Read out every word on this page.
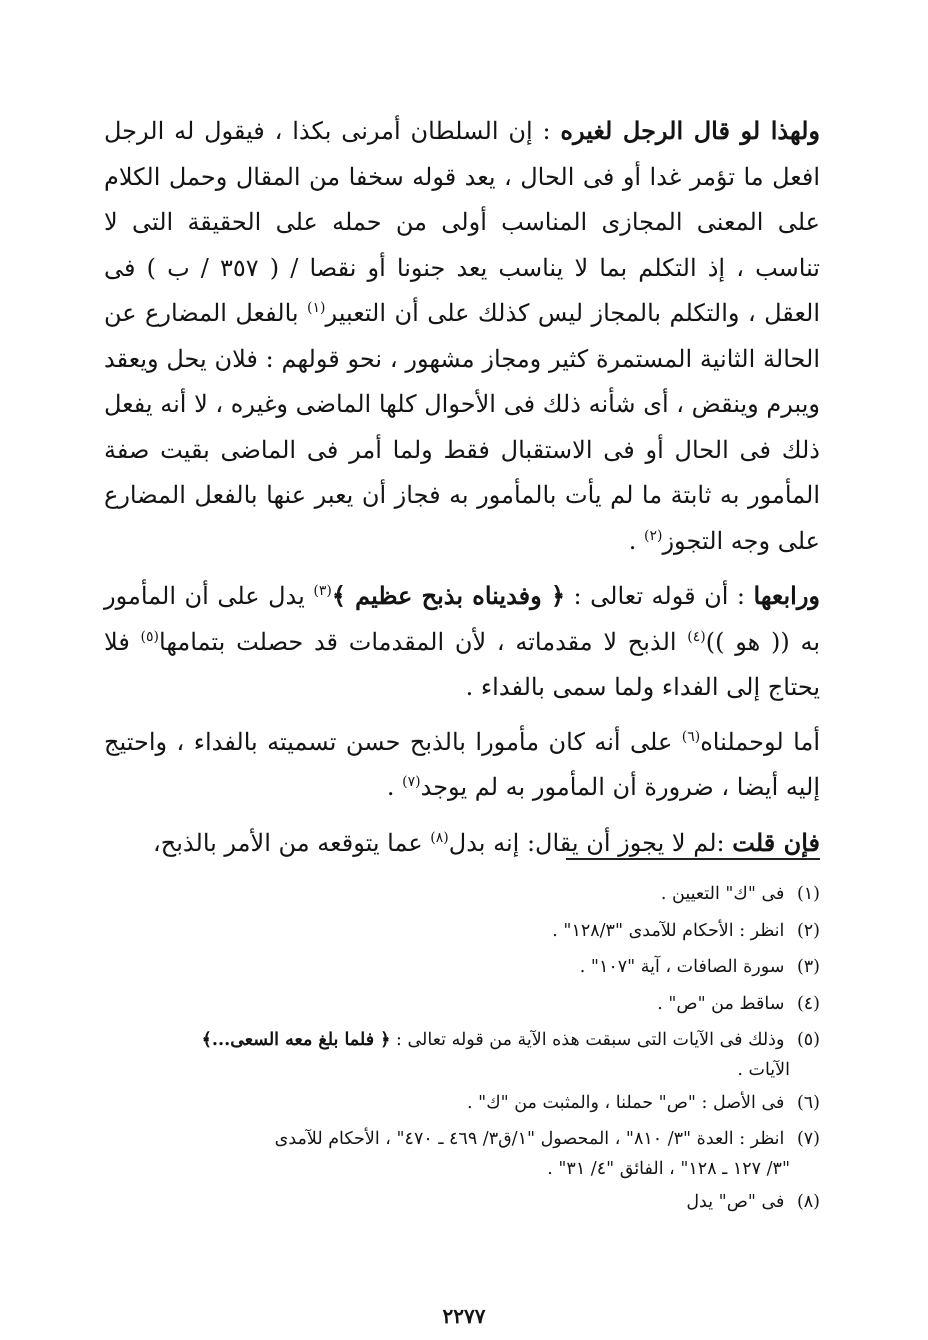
ولهذا لو قال الرجل لغيره : إن السلطان أمرنى بكذا ، فيقول له الرجل افعل ما تؤمر غدا أو فى الحال ، يعد قوله سخفا من المقال وحمل الكلام على المعنى المجازى المناسب أولى من حمله على الحقيقة التى لا تناسب ، إذ التكلم بما لا يناسب يعد جنونا أو نقصا / ( ٣٥٧ / ب ) فى العقل ، والتكلم بالمجاز ليس كذلك على أن التعبير$^{(١)}$ بالفعل المضارع عن الحالة الثانية المستمرة كثير ومجاز مشهور ، نحو قولهم : فلان يحل ويعقد ويبرم وينقض ، أى شأنه ذلك فى الأحوال كلها الماضى وغيره ، لا أنه يفعل ذلك فى الحال أو فى الاستقبال فقط ولما أمر فى الماضى بقيت صفة المأمور به ثابتة ما لم يأت بالمأمور به فجاز أن يعبر عنها بالفعل المضارع على وجه التجوز$^{(٢)}$ .

ورابعها : أن قوله تعالى : ﴿ وفديناه بذبح عظيم ﴾$^{(٣)}$ يدل على أن المأمور به (( هو ))$^{(٤)}$ الذبح لا مقدماته ، لأن المقدمات قد حصلت بتمامها$^{(٥)}$ فلا يحتاج إلى الفداء ولما سمى بالفداء .

أما لوحملناه$^{(٦)}$ على أنه كان مأمورا بالذبح حسن تسميته بالفداء ، واحتيج إليه أيضا ، ضرورة أن المأمور به لم يوجد$^{(٧)}$ .

فإن قلت :لم لا يجوز أن يقال: إنه بدل$^{(٨)}$ عما يتوقعه من الأمر بالذبح،

(١) فى "ك" التعيين .

(٢) انظر : الأحكام للآمدى "١٢٨/٣" .

(٣) سورة الصافات ، آية "١٠٧" .

(٤) ساقط من "ص" .

(٥) وذلك فى الآيات التى سبقت هذه الآية من قوله تعالى : ﴿ فلما بلغ معه السعى...﴾
الآيات .

(٦) فى الأصل : "ص" حملنا ، والمثبت من "ك" .

(٧) انظر : العدة "٣/ ٨١٠" ، المحصول "١/ق٣/ ٤٦٩ ـ ٤٧٠" ، الأحكام للآمدى
"٣/ ١٢٧ ـ ١٢٨" ، الفائق "٤/ ٣١" .

(٨) فى "ص" يدل

٢٢٧٧
